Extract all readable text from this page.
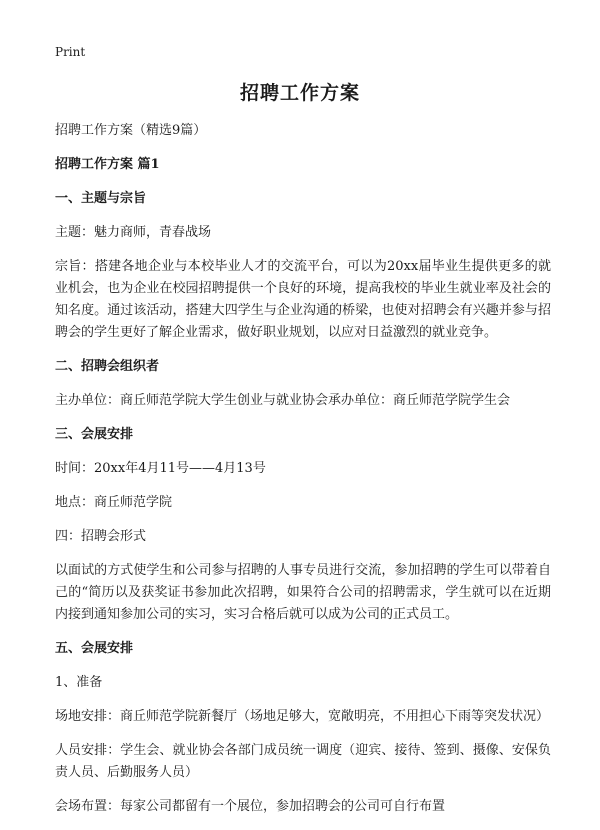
Print
招聘工作方案

招聘工作方案（精选9篇）

招聘工作方案 篇1

一、主题与宗旨

主题：魅力商师，青春战场

宗旨：搭建各地企业与本校毕业人才的交流平台，可以为20xx届毕业生提供更多的就业机会，也为企业在校园招聘提供一个良好的环境，提高我校的毕业生就业率及社会的知名度。通过该活动，搭建大四学生与企业沟通的桥梁，也使对招聘会有兴趣并参与招聘会的学生更好了解企业需求，做好职业规划，以应对日益激烈的就业竞争。

二、招聘会组织者

主办单位：商丘师范学院大学生创业与就业协会承办单位：商丘师范学院学生会

三、会展安排

时间：20xx年4月11号——4月13号

地点：商丘师范学院

四：招聘会形式

以面试的方式使学生和公司参与招聘的人事专员进行交流，参加招聘的学生可以带着自己的“简历以及获奖证书参加此次招聘，如果符合公司的招聘需求，学生就可以在近期内接到通知参加公司的实习，实习合格后就可以成为公司的正式员工。

五、会展安排

1、准备

场地安排：商丘师范学院新餐厅（场地足够大，宽敞明亮，不用担心下雨等突发状况）

人员安排：学生会、就业协会各部门成员统一调度（迎宾、接待、签到、摄像、安保负责人员、后勤服务人员）

会场布置：每家公司都留有一个展位，参加招聘会的公司可自行布置
